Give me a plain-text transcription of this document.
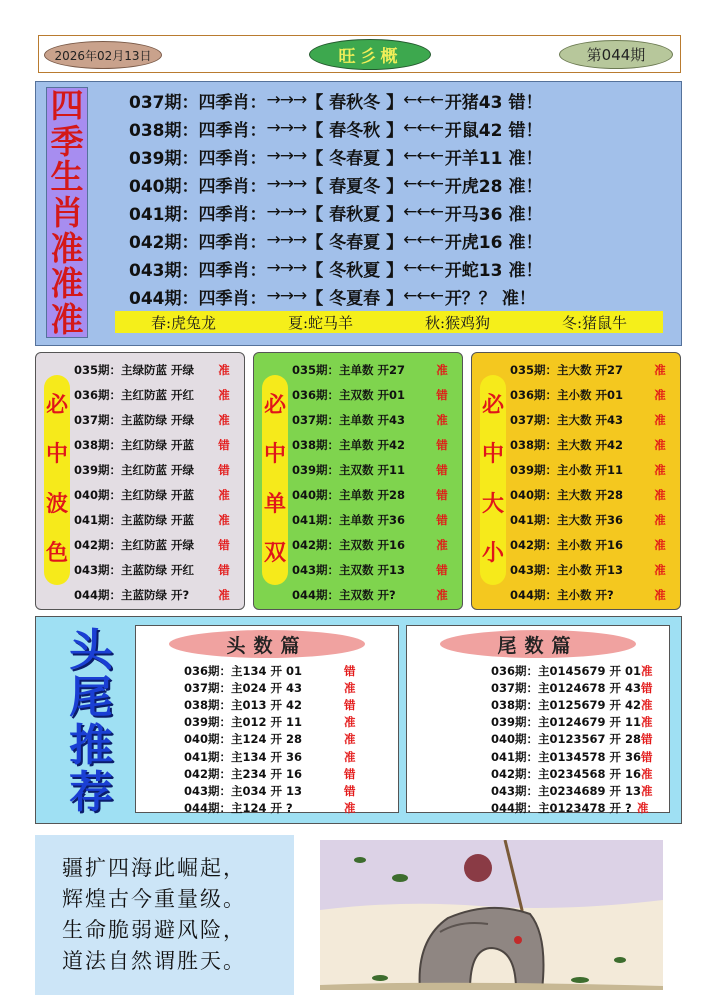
2026年02月13日	旺彡概	第044期
四
季
生
肖
准
准
准
037期： 四季肖： →→→ 【 春秋冬 】 ←←← 开猪43 错！
038期： 四季肖： →→→ 【 春冬秋 】 ←←← 开鼠42 错！
039期： 四季肖： →→→ 【 冬春夏 】 ←←← 开羊11 准！
040期： 四季肖： →→→ 【 春夏冬 】 ←←← 开虎28 准！
041期： 四季肖： →→→ 【 春秋夏 】 ←←← 开马36 准！
042期： 四季肖： →→→ 【 冬春夏 】 ←←← 开虎16 准！
043期： 四季肖： →→→ 【 冬秋夏 】 ←←← 开蛇13 准！
044期： 四季肖： →→→ 【 冬夏春 】 ←←← 开？？ 准！
春:虎兔龙	夏:蛇马羊	秋:猴鸡狗	冬:猪鼠牛
必
中
波
色
035期：主绿防蓝 开绿	准
036期：主红防蓝 开红	准
037期：主蓝防绿 开绿	准
038期：主红防绿 开蓝	错
039期：主红防蓝 开绿	错
040期：主红防绿 开蓝	准
041期：主蓝防绿 开蓝	准
042期：主红防蓝 开绿	错
043期：主蓝防绿 开红	错
044期：主蓝防绿 开?	准
必
中
单
双
035期：主单数 开27	准
036期：主双数 开01	错
037期：主单数 开43	准
038期：主单数 开42	错
039期：主双数 开11	错
040期：主单数 开28	错
041期：主单数 开36	错
042期：主双数 开16	准
043期：主双数 开13	错
044期：主双数 开?	准
必
中
大
小
035期：主大数 开27	准
036期：主小数 开01	准
037期：主大数 开43	准
038期：主大数 开42	准
039期：主小数 开11	准
040期：主大数 开28	准
041期：主大数 开36	准
042期：主小数 开16	准
043期：主小数 开13	准
044期：主小数 开?	准
头
尾
推
荐
头数篇
036期：主134 开 01	错
037期：主024 开 43	准
038期：主013 开 42	错
039期：主012 开 11	准
040期：主124 开 28	准
041期：主134 开 36	准
042期：主234 开 16	错
043期：主034 开 13	错
044期：主124 开 ?	准
尾数篇
036期：主0145679 开 01 准
037期：主0124678 开 43 错
038期：主0125679 开 42 准
039期：主0124679 开 11 准
040期：主0123567 开 28 错
041期：主0134578 开 36 错
042期：主0234568 开 16 准
043期：主0234689 开 13 准
044期：主0123478 开 ? 准
疆扩四海此崛起，
辉煌古今重量级。
生命脆弱避风险，
道法自然谓胜天。
